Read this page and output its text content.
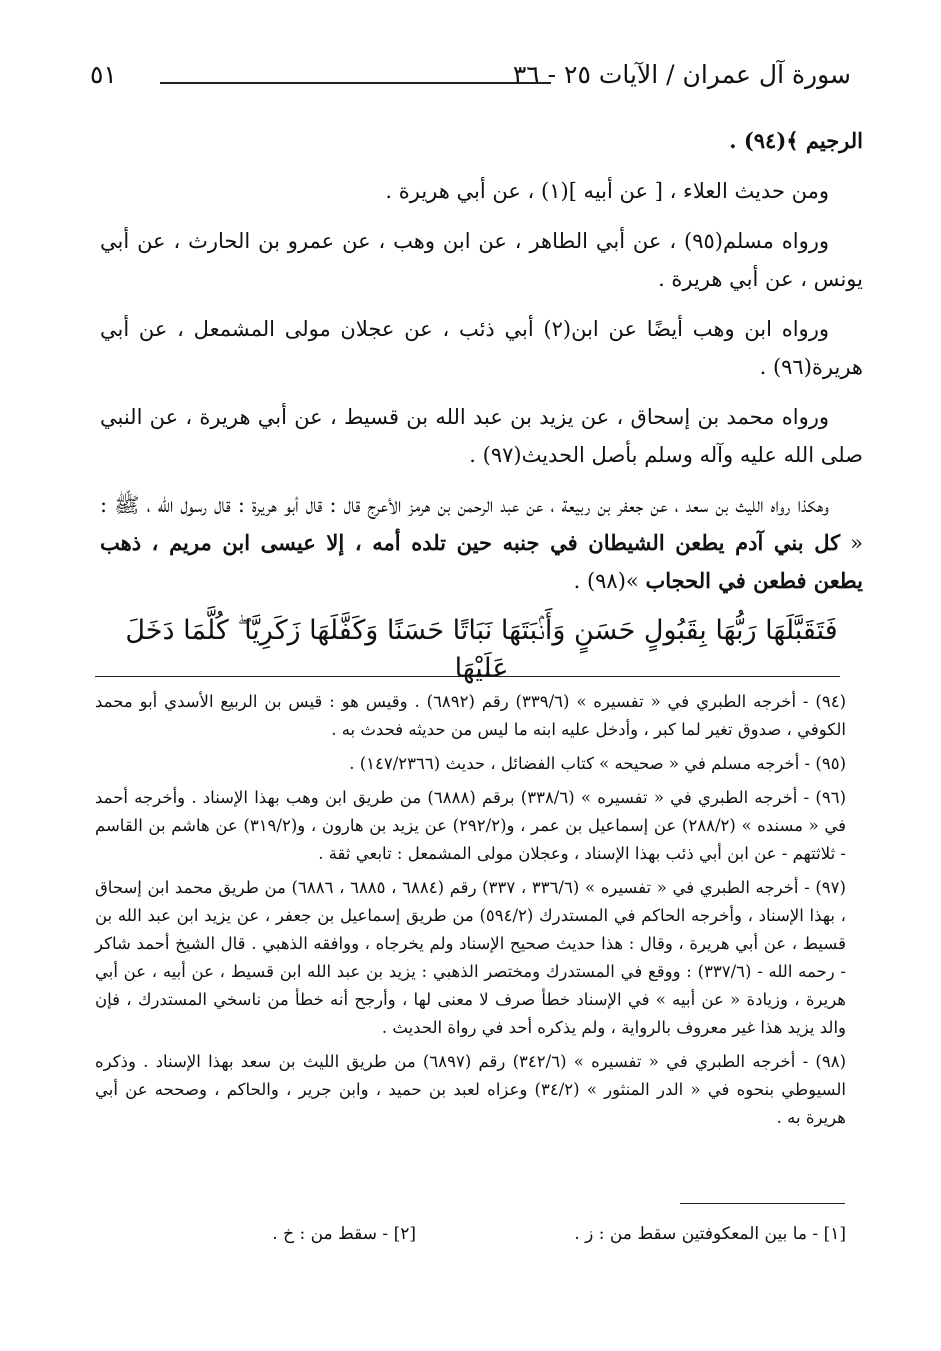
سورة آل عمران / الآيات ٢٥ - ٣٦
٥١

الرجيم ﴾(٩٤) .

ومن حديث العلاء ، [ عن أبيه ](١) ، عن أبي هريرة .

ورواه مسلم(٩٥) ، عن أبي الطاهر ، عن ابن وهب ، عن عمرو بن الحارث ، عن أبي يونس ، عن أبي هريرة .

ورواه ابن وهب أيضًا عن ابن(٢) أبي ذئب ، عن عجلان مولى المشمعل ، عن أبي هريرة(٩٦) .

ورواه محمد بن إسحاق ، عن يزيد بن عبد الله بن قسيط ، عن أبي هريرة ، عن النبي صلى الله عليه وآله وسلم بأصل الحديث(٩٧) .

وهكذا رواه الليث بن سعد ، عن جعفر بن ربيعة ، عن عبد الرحمن بن هرمز الأعرج قال : قال أبو هريرة : قال رسول الله ، ﷺ : « كل بني آدم يطعن الشيطان في جنبه حين تلده أمه ، إلا عيسى ابن مريم ، ذهب يطعن فطعن في الحجاب »(٩٨) .

فَتَقَبَّلَهَا رَبُّهَا بِقَبُولٍ حَسَنٍ وَأَنۢبَتَهَا نَبَاتًا حَسَنًا وَكَفَّلَهَا زَكَرِيَّا ۖ كُلَّمَا دَخَلَ عَلَيْهَا

(٩٤) - أخرجه الطبري في « تفسيره » (٣٣٩/٦) رقم (٦٨٩٢) . وقيس هو : قيس بن الربيع الأسدي أبو محمد الكوفي ، صدوق تغير لما كبر ، وأدخل عليه ابنه ما ليس من حديثه فحدث به .

(٩٥) - أخرجه مسلم في « صحيحه » كتاب الفضائل ، حديث (١٤٧/٢٣٦٦) .

(٩٦) - أخرجه الطبري في « تفسيره » (٣٣٨/٦) برقم (٦٨٨٨) من طريق ابن وهب بهذا الإسناد . وأخرجه أحمد في « مسنده » (٢٨٨/٢) عن إسماعيل بن عمر ، و(٢٩٢/٢) عن يزيد بن هارون ، و(٣١٩/٢) عن هاشم بن القاسم - ثلاثتهم - عن ابن أبي ذئب بهذا الإسناد ، وعجلان مولى المشمعل : تابعي ثقة .

(٩٧) - أخرجه الطبري في « تفسيره » (٣٣٦/٦ ، ٣٣٧) رقم (٦٨٨٤ ، ٦٨٨٥ ، ٦٨٨٦) من طريق محمد ابن إسحاق ، بهذا الإسناد ، وأخرجه الحاكم في المستدرك (٥٩٤/٢) من طريق إسماعيل بن جعفر ، عن يزيد ابن عبد الله بن قسيط ، عن أبي هريرة ، وقال : هذا حديث صحيح الإسناد ولم يخرجاه ، ووافقه الذهبي . قال الشيخ أحمد شاكر - رحمه الله - (٣٣٧/٦) : ووقع في المستدرك ومختصر الذهبي : يزيد بن عبد الله ابن قسيط ، عن أبيه ، عن أبي هريرة ، وزيادة « عن أبيه » في الإسناد خطأ صرف لا معنى لها ، وأرجح أنه خطأ من ناسخي المستدرك ، فإن والد يزيد هذا غير معروف بالرواية ، ولم يذكره أحد في رواة الحديث .

(٩٨) - أخرجه الطبري في « تفسيره » (٣٤٢/٦) رقم (٦٨٩٧) من طريق الليث بن سعد بهذا الإسناد . وذكره السيوطي بنحوه في « الدر المنثور » (٣٤/٢) وعزاه لعبد بن حميد ، وابن جرير ، والحاكم ، وصححه عن أبي هريرة به .

[١] - ما بين المعكوفتين سقط من : ز .
[٢] - سقط من : خ .
